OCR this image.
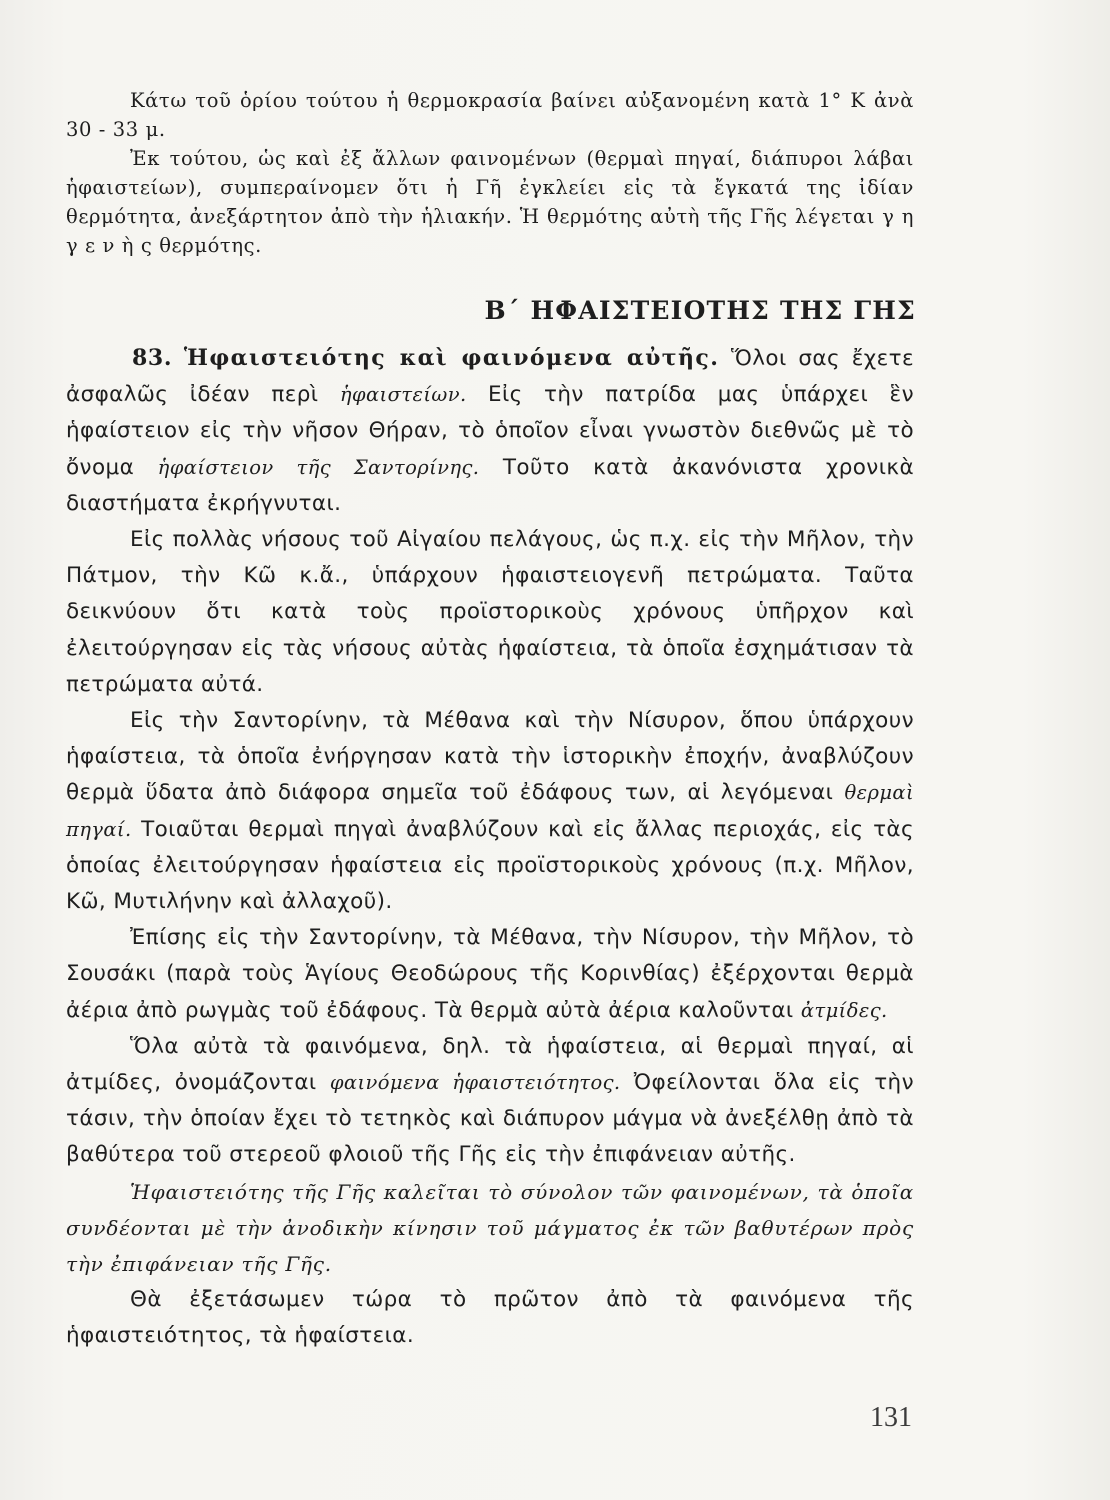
Κάτω τοῦ ὁρίου τούτου ἡ θερμοκρασία βαίνει αὐξανομένη κατὰ 1° Κ ἀνὰ 30 - 33 μ.

Ἐκ τούτου, ὡς καὶ ἐξ ἄλλων φαινομένων (θερμαὶ πηγαί, διάπυροι λάβαι ἡφαιστείων), συμπεραίνομεν ὅτι ἡ Γῆ ἐγκλείει εἰς τὰ ἔγκατά της ἰδίαν θερμότητα, ἀνεξάρτητον ἀπὸ τὴν ἡλιακήν. Ἡ θερμότης αὐτὴ τῆς Γῆς λέγεται γ η γ ε ν ὴ ς θερμότης.

Β΄ ΗΦΑΙΣΤΕΙΟΤΗΣ ΤΗΣ ΓΗΣ

83. Ἡφαιστειότης καὶ φαινόμενα αὐτῆς. Ὅλοι σας ἔχετε ἀσφαλῶς ἰδέαν περὶ ἡφαιστείων. Εἰς τὴν πατρίδα μας ὑπάρχει ἓν ἡφαίστειον εἰς τὴν νῆσον Θήραν, τὸ ὁποῖον εἶναι γνωστὸν διεθνῶς μὲ τὸ ὄνομα ἡφαίστειον τῆς Σαντορίνης. Τοῦτο κατὰ ἀκανόνιστα χρονικὰ διαστήματα ἐκρήγνυται.

Εἰς πολλὰς νήσους τοῦ Αἰγαίου πελάγους, ὡς π.χ. εἰς τὴν Μῆλον, τὴν Πάτμον, τὴν Κῶ κ.ἄ., ὑπάρχουν ἡφαιστειογενῆ πετρώματα. Ταῦτα δεικνύουν ὅτι κατὰ τοὺς προϊστορικοὺς χρόνους ὑπῆρχον καὶ ἐλειτούργησαν εἰς τὰς νήσους αὐτὰς ἡφαίστεια, τὰ ὁποῖα ἐσχημάτισαν τὰ πετρώματα αὐτά.

Εἰς τὴν Σαντορίνην, τὰ Μέθανα καὶ τὴν Νίσυρον, ὅπου ὑπάρχουν ἡφαίστεια, τὰ ὁποῖα ἐνήργησαν κατὰ τὴν ἱστορικὴν ἐποχήν, ἀναβλύζουν θερμὰ ὕδατα ἀπὸ διάφορα σημεῖα τοῦ ἐδάφους των, αἱ λεγόμεναι θερμαὶ πηγαί. Τοιαῦται θερμαὶ πηγαὶ ἀναβλύζουν καὶ εἰς ἄλλας περιοχάς, εἰς τὰς ὁποίας ἐλειτούργησαν ἡφαίστεια εἰς προϊστορικοὺς χρόνους (π.χ. Μῆλον, Κῶ, Μυτιλήνην καὶ ἀλλαχοῦ).

Ἐπίσης εἰς τὴν Σαντορίνην, τὰ Μέθανα, τὴν Νίσυρον, τὴν Μῆλον, τὸ Σουσάκι (παρὰ τοὺς Ἁγίους Θεοδώρους τῆς Κορινθίας) ἐξέρχονται θερμὰ ἀέρια ἀπὸ ρωγμὰς τοῦ ἐδάφους. Τὰ θερμὰ αὐτὰ ἀέρια καλοῦνται ἀτμίδες.

Ὅλα αὐτὰ τὰ φαινόμενα, δηλ. τὰ ἡφαίστεια, αἱ θερμαὶ πηγαί, αἱ ἀτμίδες, ὀνομάζονται φαινόμενα ἡφαιστειότητος. Ὀφείλονται ὅλα εἰς τὴν τάσιν, τὴν ὁποίαν ἔχει τὸ τετηκὸς καὶ διάπυρον μάγμα νὰ ἀνεξέλθῃ ἀπὸ τὰ βαθύτερα τοῦ στερεοῦ φλοιοῦ τῆς Γῆς εἰς τὴν ἐπιφάνειαν αὐτῆς.

Ἡφαιστειότης τῆς Γῆς καλεῖται τὸ σύνολον τῶν φαινομένων, τὰ ὁποῖα συνδέονται μὲ τὴν ἀνοδικὴν κίνησιν τοῦ μάγματος ἐκ τῶν βαθυτέρων πρὸς τὴν ἐπιφάνειαν τῆς Γῆς.

Θὰ ἐξετάσωμεν τώρα τὸ πρῶτον ἀπὸ τὰ φαινόμενα τῆς ἡφαιστειότητος, τὰ ἡφαίστεια.

131
